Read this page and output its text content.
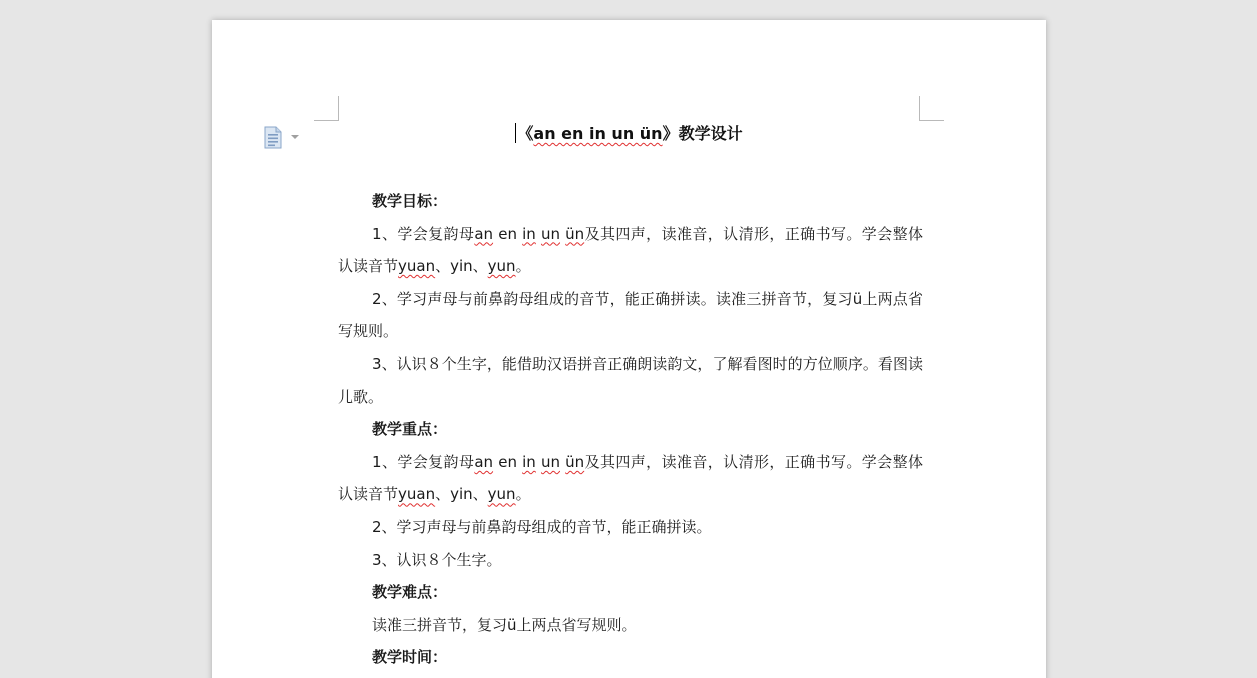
《an en in un ün》教学设计

教学目标：

1、学会复韵母an en in un ün及其四声，读准音，认清形，正确书写。学会整体认读音节yuan、yin、yun。

2、学习声母与前鼻韵母组成的音节，能正确拼读。读准三拼音节，复习ü上两点省写规则。

3、认识８个生字，能借助汉语拼音正确朗读韵文，了解看图时的方位顺序。看图读儿歌。

教学重点：

1、学会复韵母an en in un ün及其四声，读准音，认清形，正确书写。学会整体认读音节yuan、yin、yun。

2、学习声母与前鼻韵母组成的音节，能正确拼读。

3、认识８个生字。

教学难点：

读准三拼音节，复习ü上两点省写规则。

教学时间：
